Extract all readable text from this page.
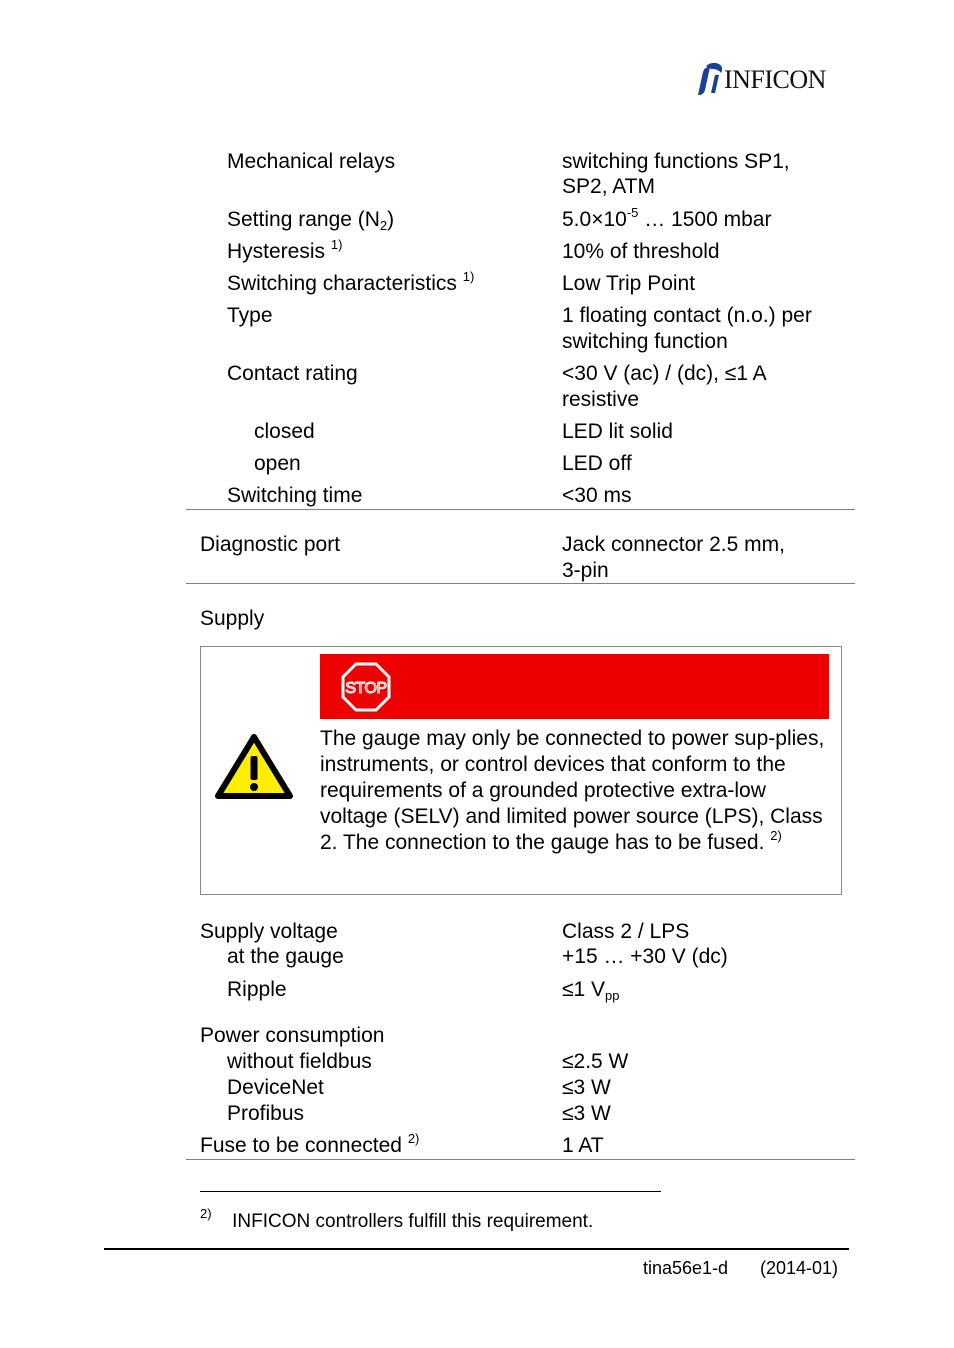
INFICON
Mechanical relays	switching functions SP1,
SP2, ATM
Setting range $(N_2)$	$5.0\times 10^{-5}$ … 1500 mbar
Hysteresis $^{1)}$	10% of threshold
Switching characteristics $^{1)}$	Low Trip Point
Type	1 floating contact (n.o.) per
switching function
Contact rating	<30 V (ac) / (dc), ≤1 A
resistive
closed	LED lit solid
open	LED off
Switching time	<30 ms
Diagnostic port	Jack connector 2.5 mm,
3-pin
Supply
STOP

The gauge may only be connected to power sup-plies, instruments, or control devices that conform to the requirements of a grounded protective extra-low voltage (SELV) and limited power source (LPS), Class 2. The connection to the gauge has to be fused. $^{2)}$

Supply voltage	Class 2 / LPS
at the gauge	+15 … +30 V (dc)
Ripple	≤1 $V_{pp}$
Power consumption
without fieldbus	≤2.5 W
DeviceNet	≤3 W
Profibus	≤3 W
Fuse to be connected $^{2)}$	1 AT
$^{2)}$ INFICON controllers fulfill this requirement.
tina56e1-d (2014-01)
